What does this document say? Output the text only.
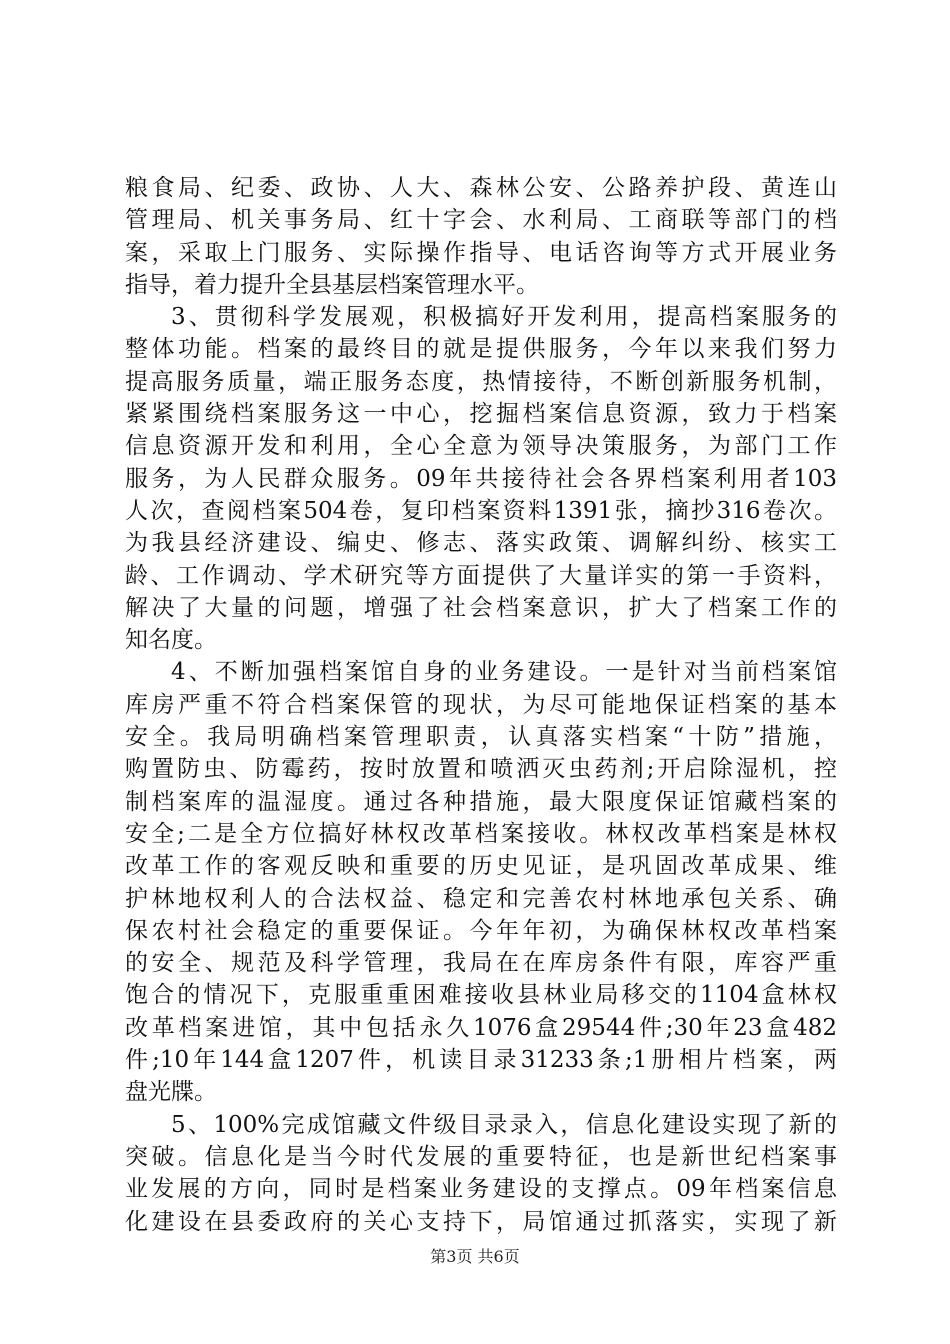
粮食局、纪委、政协、人大、森林公安、公路养护段、黄连山
管理局、机关事务局、红十字会、水利局、工商联等部门的档
案，采取上门服务、实际操作指导、电话咨询等方式开展业务
指导，着力提升全县基层档案管理水平。
3、贯彻科学发展观，积极搞好开发利用，提高档案服务的
整体功能。档案的最终目的就是提供服务，今年以来我们努力
提高服务质量，端正服务态度，热情接待，不断创新服务机制，
紧紧围绕档案服务这一中心，挖掘档案信息资源，致力于档案
信息资源开发和利用，全心全意为领导决策服务，为部门工作
服务，为人民群众服务。09年共接待社会各界档案利用者103
人次，查阅档案504卷，复印档案资料1391张，摘抄316卷次。
为我县经济建设、编史、修志、落实政策、调解纠纷、核实工
龄、工作调动、学术研究等方面提供了大量详实的第一手资料，
解决了大量的问题，增强了社会档案意识，扩大了档案工作的
知名度。
4、不断加强档案馆自身的业务建设。一是针对当前档案馆
库房严重不符合档案保管的现状，为尽可能地保证档案的基本
安全。我局明确档案管理职责，认真落实档案“十防”措施，
购置防虫、防霉药，按时放置和喷洒灭虫药剂;开启除湿机，控
制档案库的温湿度。通过各种措施，最大限度保证馆藏档案的
安全;二是全方位搞好林权改革档案接收。林权改革档案是林权
改革工作的客观反映和重要的历史见证，是巩固改革成果、维
护林地权利人的合法权益、稳定和完善农村林地承包关系、确
保农村社会稳定的重要保证。今年年初，为确保林权改革档案
的安全、规范及科学管理，我局在在库房条件有限，库容严重
饱合的情况下，克服重重困难接收县林业局移交的1104盒林权
改革档案进馆，其中包括永久1076盒29544件;30年23盒482
件;10年144盒1207件，机读目录31233条;1册相片档案，两
盘光牒。
5、100%完成馆藏文件级目录录入，信息化建设实现了新的
突破。信息化是当今时代发展的重要特征，也是新世纪档案事
业发展的方向，同时是档案业务建设的支撑点。09年档案信息
化建设在县委政府的关心支持下，局馆通过抓落实，实现了新
第3页 共6页
